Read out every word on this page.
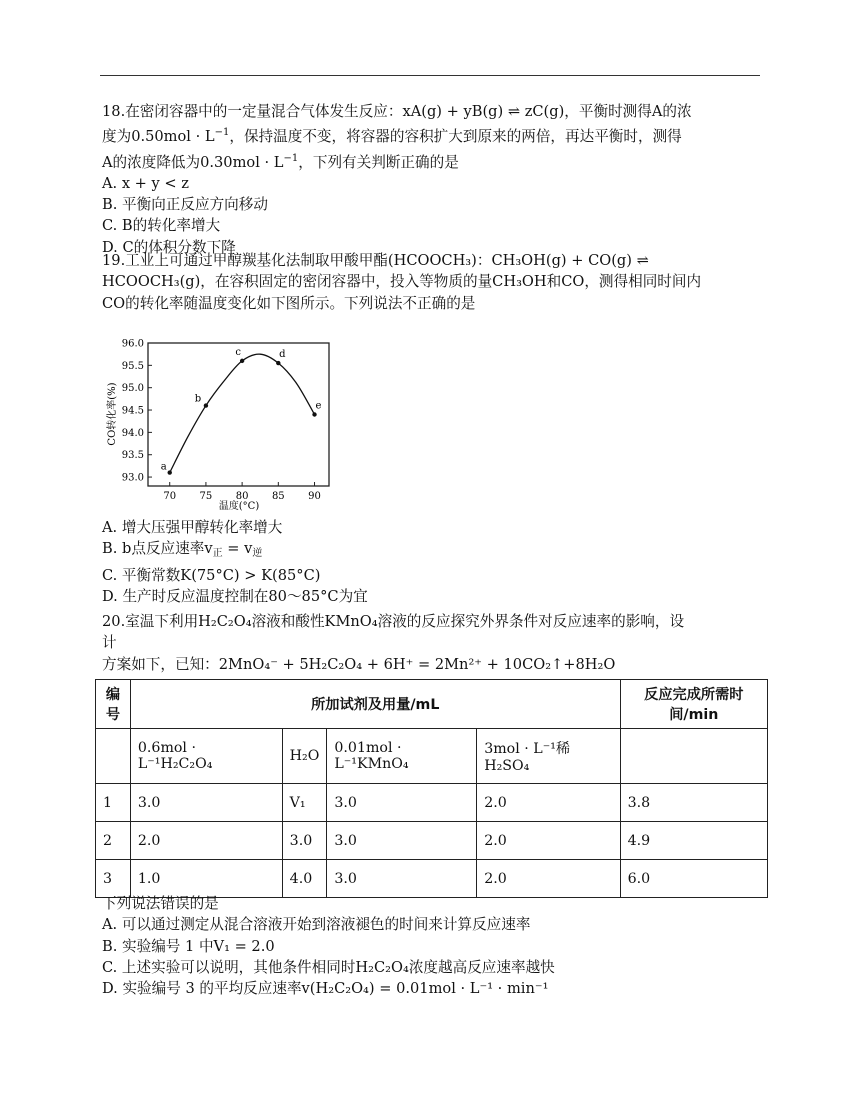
18.在密闭容器中的一定量混合气体发生反应：xA(g) + yB(g) ⇌ zC(g)，平衡时测得A的浓
度为$0.50mol \cdot L^{-1}$，保持温度不变，将容器的容积扩大到原来的两倍，再达平衡时，测得
A的浓度降低为$0.30mol \cdot L^{-1}$，下列有关判断正确的是
A. x + y < z
B. 平衡向正反应方向移动
C. B的转化率增大
D. C的体积分数下降
19.工业上可通过甲醇羰基化法制取甲酸甲酯(HCOOCH₃)：CH₃OH(g) + CO(g) ⇌
HCOOCH₃(g)，在容积固定的密闭容器中，投入等物质的量CH₃OH和CO，测得相同时间内
CO的转化率随温度变化如下图所示。下列说法不正确的是
93.0
93.5
94.0
94.5
95.0
95.5
96.0
70 75 80 85 90
a
b
c	d
e
CO转化率(%)
温度(°C)
A. 增大压强甲醇转化率增大
B. b点反应速率$v_正 = v_逆$
C. 平衡常数K(75°C) > K(85°C)
D. 生产时反应温度控制在80～85°C为宜
20.室温下利用H₂C₂O₄溶液和酸性KMnO₄溶液的反应探究外界条件对反应速率的影响，设
计
方案如下，已知：2MnO₄⁻ + 5H₂C₂O₄ + 6H⁺ = 2Mn²⁺ + 10CO₂↑+8H₂O
编号	所加试剂及用量/mL				反应完成所需时间/min
	0.6mol · L⁻¹H₂C₂O₄	H₂O	0.01mol · L⁻¹KMnO₄	3mol · L⁻¹稀H₂SO₄	
1	3.0	V₁	3.0	2.0	3.8
2	2.0	3.0	3.0	2.0	4.9
3	1.0	4.0	3.0	2.0	6.0
下列说法错误的是
A. 可以通过测定从混合溶液开始到溶液褪色的时间来计算反应速率
B. 实验编号 1 中V₁ = 2.0
C. 上述实验可以说明，其他条件相同时H₂C₂O₄浓度越高反应速率越快
D. 实验编号 3 的平均反应速率v(H₂C₂O₄) = 0.01mol · L⁻¹ · min⁻¹
